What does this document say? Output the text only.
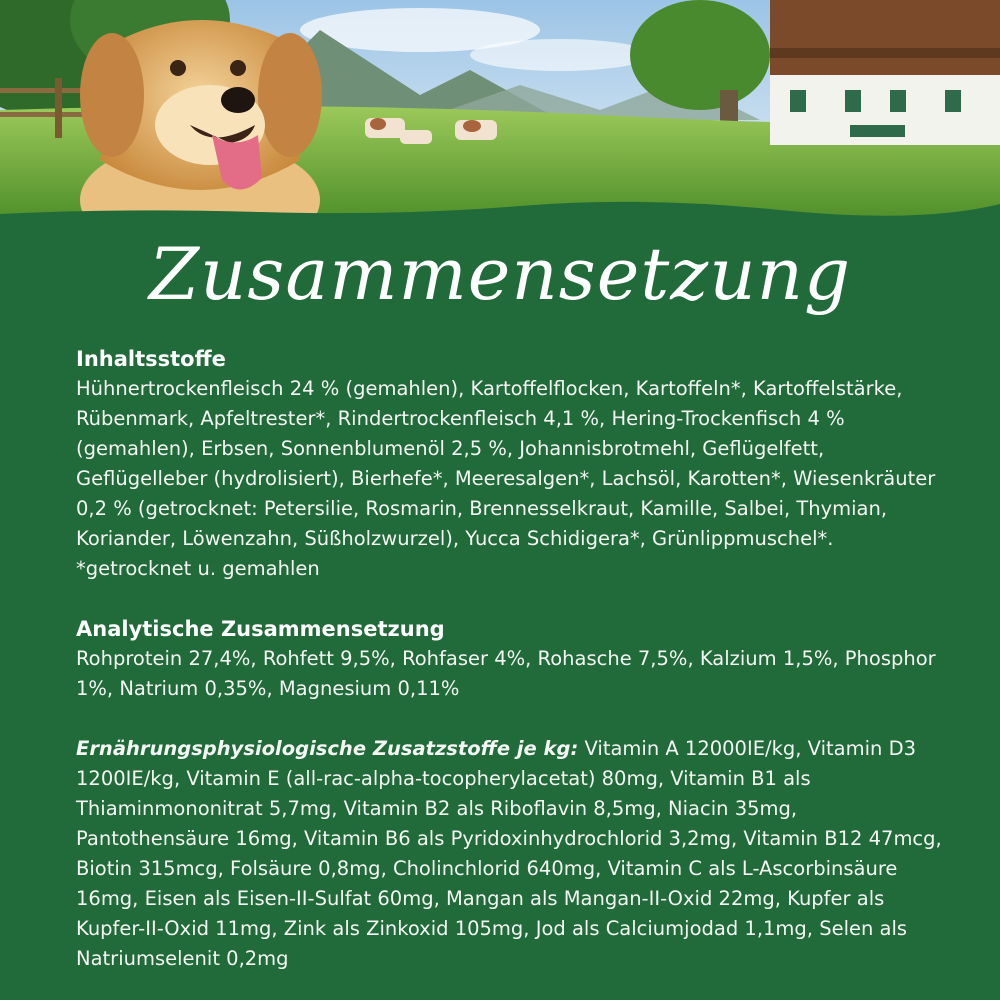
Zusammensetzung
Inhaltsstoffe

Hühnertrockenfleisch 24 % (gemahlen), Kartoffelflocken, Kartoffeln*, Kartoffelstärke, Rübenmark, Apfeltrester*, Rindertrockenfleisch 4,1 %, Hering-Trockenfisch 4 % (gemahlen), Erbsen, Sonnenblumenöl 2,5 %, Johannisbrotmehl, Geflügelfett, Geflügelleber (hydrolisiert), Bierhefe*, Meeresalgen*, Lachsöl, Karotten*, Wiesenkräuter 0,2 % (getrocknet: Petersilie, Rosmarin, Brennesselkraut, Kamille, Salbei, Thymian, Koriander, Löwenzahn, Süßholzwurzel), Yucca Schidigera*, Grünlippmuschel*. *getrocknet u. gemahlen

Analytische Zusammensetzung

Rohprotein 27,4%, Rohfett 9,5%, Rohfaser 4%, Rohasche 7,5%, Kalzium 1,5%, Phosphor 1%, Natrium 0,35%, Magnesium 0,11%

Ernährungsphysiologische Zusatzstoffe je kg: Vitamin A 12000IE/kg, Vitamin D3 1200IE/kg, Vitamin E (all-rac-alpha-tocopherylacetat) 80mg, Vitamin B1 als Thiaminmononitrat 5,7mg, Vitamin B2 als Riboflavin 8,5mg, Niacin 35mg, Pantothensäure 16mg, Vitamin B6 als Pyridoxinhydrochlorid 3,2mg, Vitamin B12 47mcg, Biotin 315mcg, Folsäure 0,8mg, Cholinchlorid 640mg, Vitamin C als L-Ascorbinsäure 16mg, Eisen als Eisen-II-Sulfat 60mg, Mangan als Mangan-II-Oxid 22mg, Kupfer als Kupfer-II-Oxid 11mg, Zink als Zinkoxid 105mg, Jod als Calciumjodad 1,1mg, Selen als Natriumselenit 0,2mg
